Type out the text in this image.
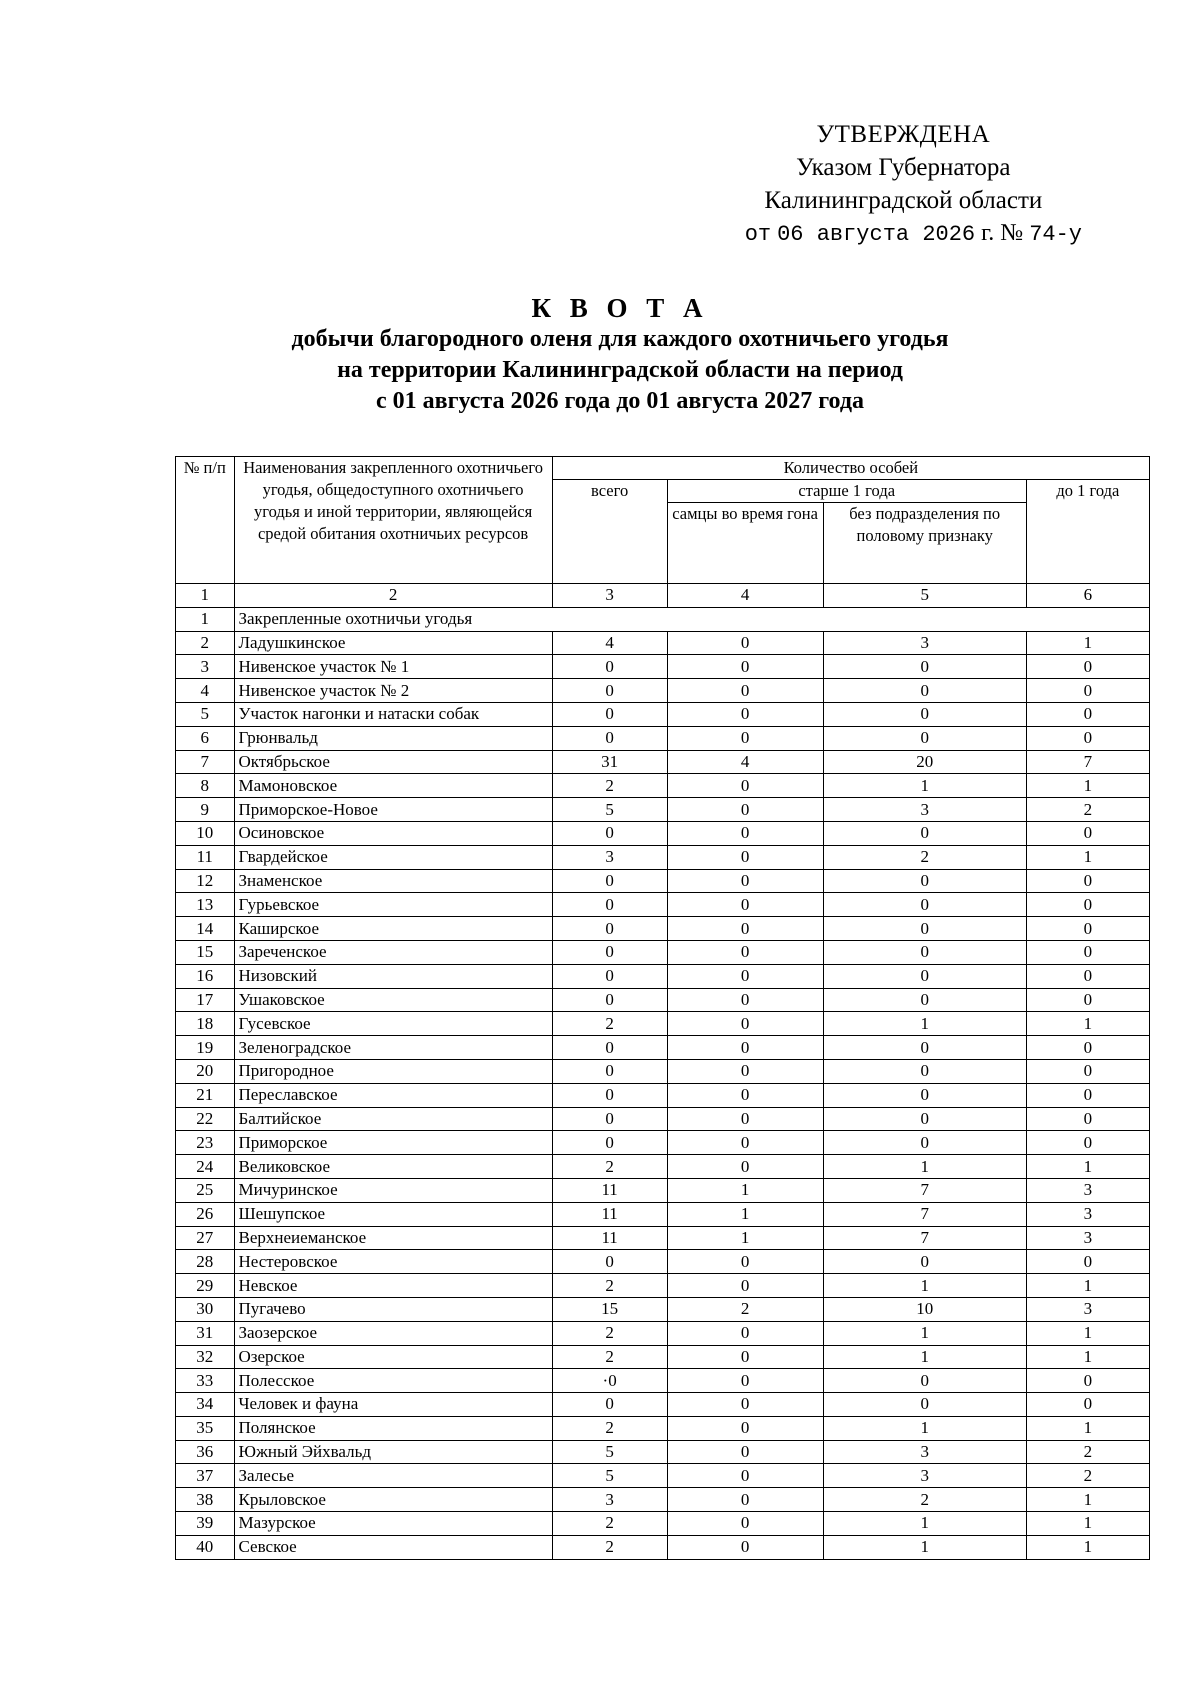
УТВЕРЖДЕНА
Указом Губернатора
Калининградской области
от 06 августа 2026 г. № 74-у
К В О Т А
добычи благородного оленя для каждого охотничьего угодья
на территории Калининградской области на период
с 01 августа 2026 года до 01 августа 2027 года
№ п/п	Наименования закрепленного охотничьего угодья, общедоступного охотничьего угодья и иной территории, являющейся средой обитания охотничьих ресурсов	Количество особей			
		всего	старше 1 года		до 1 года
			самцы во время гона	без подразделения по половому признаку	
1	2	3	4	5	6
1	Закрепленные охотничьи угодья				
2	Ладушкинское	4	0	3	1
3	Нивенское участок № 1	0	0	0	0
4	Нивенское участок № 2	0	0	0	0
5	Участок нагонки и натаски собак	0	0	0	0
6	Грюнвальд	0	0	0	0
7	Октябрьское	31	4	20	7
8	Мамоновское	2	0	1	1
9	Приморское-Новое	5	0	3	2
10	Осиновское	0	0	0	0
11	Гвардейское	3	0	2	1
12	Знаменское	0	0	0	0
13	Гурьевское	0	0	0	0
14	Каширское	0	0	0	0
15	Зареченское	0	0	0	0
16	Низовский	0	0	0	0
17	Ушаковское	0	0	0	0
18	Гусевское	2	0	1	1
19	Зеленоградское	0	0	0	0
20	Пригородное	0	0	0	0
21	Переславское	0	0	0	0
22	Балтийское	0	0	0	0
23	Приморское	0	0	0	0
24	Великовское	2	0	1	1
25	Мичуринское	11	1	7	3
26	Шешупское	11	1	7	3
27	Верхнеиеманское	11	1	7	3
28	Нестеровское	0	0	0	0
29	Невское	2	0	1	1
30	Пугачево	15	2	10	3
31	Заозерское	2	0	1	1
32	Озерское	2	0	1	1
33	Полесское	·0	0	0	0
34	Человек и фауна	0	0	0	0
35	Полянское	2	0	1	1
36	Южный Эйхвальд	5	0	3	2
37	Залесье	5	0	3	2
38	Крыловское	3	0	2	1
39	Мазурское	2	0	1	1
40	Севское	2	0	1	1
